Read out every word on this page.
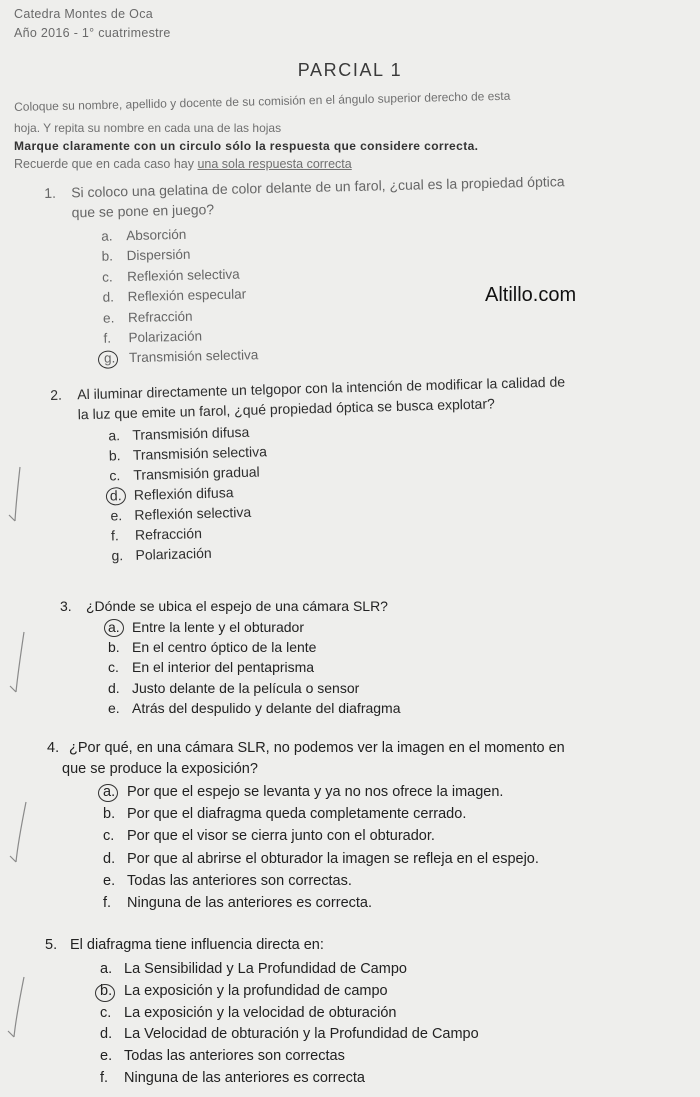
Catedra Montes de Oca
Año 2016 - 1° cuatrimestre
PARCIAL 1
Coloque su nombre, apellido y docente de su comisión en el ángulo superior derecho de esta
hoja. Y repita su nombre en cada una de las hojas
Marque claramente con un circulo sólo la respuesta que considere correcta.
Recuerde que en cada caso hay una sola respuesta correcta
Altillo.com
1. Si coloco una gelatina de color delante de un farol, ¿cual es la propiedad óptica
que se pone en juego?
a. Absorción
b. Dispersión
c. Reflexión selectiva
d. Reflexión especular
e. Refracción
f. Polarización
g. Transmisión selectiva
2. Al iluminar directamente un telgopor con la intención de modificar la calidad de
la luz que emite un farol, ¿qué propiedad óptica se busca explotar?
a. Transmisión difusa
b. Transmisión selectiva
c. Transmisión gradual
d. Reflexión difusa
e. Reflexión selectiva
f. Refracción
g. Polarización
3. ¿Dónde se ubica el espejo de una cámara SLR?
a. Entre la lente y el obturador
b. En el centro óptico de la lente
c. En el interior del pentaprisma
d. Justo delante de la película o sensor
e. Atrás del despulido y delante del diafragma
4. ¿Por qué, en una cámara SLR, no podemos ver la imagen en el momento en
que se produce la exposición?
a. Por que el espejo se levanta y ya no nos ofrece la imagen.
b. Por que el diafragma queda completamente cerrado.
c. Por que el visor se cierra junto con el obturador.
d. Por que al abrirse el obturador la imagen se refleja en el espejo.
e. Todas las anteriores son correctas.
f. Ninguna de las anteriores es correcta.
5. El diafragma tiene influencia directa en:
a. La Sensibilidad y La Profundidad de Campo
b. La exposición y la profundidad de campo
c. La exposición y la velocidad de obturación
d. La Velocidad de obturación y la Profundidad de Campo
e. Todas las anteriores son correctas
f. Ninguna de las anteriores es correcta
